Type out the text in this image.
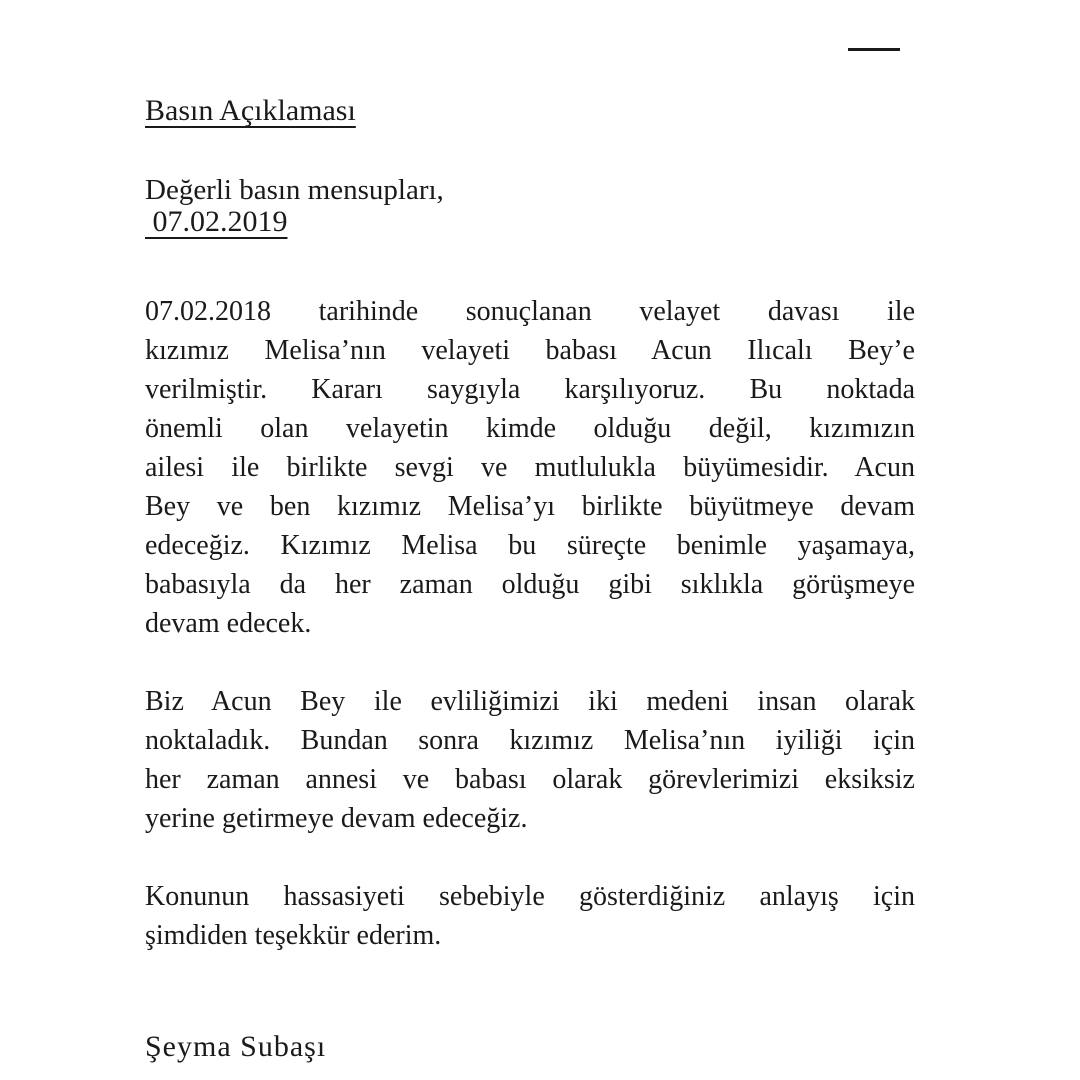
Basın Açıklaması

07.02.2019

Değerli basın mensupları,
07.02.2018 tarihinde sonuçlanan velayet davası ile
kızımız Melisa’nın velayeti babası Acun Ilıcalı Bey’e
verilmiştir. Kararı saygıyla karşılıyoruz. Bu noktada
önemli olan velayetin kimde olduğu değil, kızımızın
ailesi ile birlikte sevgi ve mutlulukla büyümesidir. Acun
Bey ve ben kızımız Melisa’yı birlikte büyütmeye devam
edeceğiz. Kızımız Melisa bu süreçte benimle yaşamaya,
babasıyla da her zaman olduğu gibi sıklıkla görüşmeye
devam edecek.
Biz Acun Bey ile evliliğimizi iki medeni insan olarak
noktaladık. Bundan sonra kızımız Melisa’nın iyiliği için
her zaman annesi ve babası olarak görevlerimizi eksiksiz
yerine getirmeye devam edeceğiz.
Konunun hassasiyeti sebebiyle gösterdiğiniz anlayış için
şimdiden teşekkür ederim.
Şeyma Subaşı
